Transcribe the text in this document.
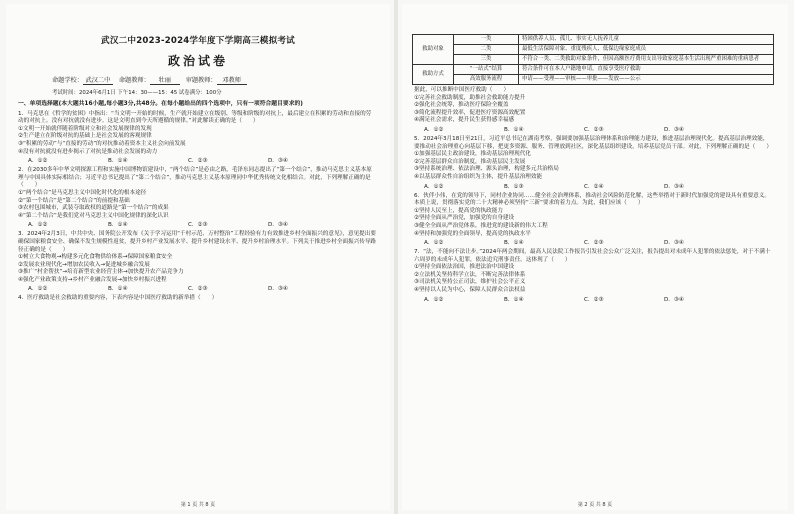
武汉二中2023-2024学年度下学期高三模拟考试
政治试卷
命题学校： 武汉二中 命题教师： 牡丽 审题教师： 邓教师
考试时间：2024年6月1日 下午14：30——15：45 试卷满分：100分
一、单项选择题(本大题共16小题,每小题3分,共48分。在每小题给出的四个选项中，只有一项符合题目要求的)
1．马克思在《哲学的贫困》中指出：“当文明一开始的时候，生产就开始建立在级别、等级和阶级的对抗上，最后建立在积累的劳动和直接的劳动的对抗上。没有对抗就没有进步。这是文明直到今天所遵循的规律。”对此解读正确的是（　　）
①文明一开始就伴随着阶级对立和社会发展规律的发现
②生产建立在阶级对抗的基础上是社会发展的客观规律
③“积累的劳动”与“直接的劳动”的对抗推动着资本主义社会向前发展
④没有对抗就没有进步揭示了对抗是推动社会发展的动力
A．①②	B．①④	C．②③	D．③④
2．在2030多年中华文明探源工程和实施中国博物馆建设中，“两个结合”是必由之路，毛泽东同志提出了“第一个结合”，推动马克思主义基本原理与中国具体实际相结合；习近平总书记提出了“第二个结合”，推动马克思主义基本原理同中华优秀传统文化相结合。对此，下列理解正确的是（　　）
①“两个结合”是马克思主义中国化时代化的根本途径
②“第一个结合”是“第二个结合”的前提和基础
③农村包围城市，武装夺取政权的道路是“第一个结合”的成果
④“第二个结合”是我们党对马克思主义中国化规律的深化认识
A．①②	B．①④	C．②③	D．③④
3．2024年2月3日，中共中央、国务院公开发布《关于学习运用“千村示范、万村整治”工程经验有力有效推进乡村全面振兴的意见》，意见提出要确保国家粮食安全、确保不发生规模性返贫，提升乡村产业发展水平、提升乡村建设水平、提升乡村治理水平。下列关于推进乡村全面振兴传导路径正确的是（　　）
①树立大食物观→构建多元化食物供给体系→保障国家粮食安全
②发展农业现代化→增加农民收入→促进城乡融合发展
③推广“村企帮扶”→培育新型农业经营主体→加快提升农产品竞争力
④强化产业政策支持→乡村产业融合发展→加快乡村振兴进程
A．①②	B．①④	C．②③	D．③④
4．医疗救助是社会救助的重要内容，下表内容是中国医疗救助的新举措（　　）
第 1 页 共 8 页
救助对象	一类	特困供养人员、孤儿、事实无人抚养儿童
	二类	最低生活保障对象、重度残疾人、低保边缘家庭成员
	三类	不符合一类、二类救助对象条件，但因高额医疗费用支出导致家庭基本生活出现严重困难的重病患者
救助方式	“一站式”结算	符合条件可在本人户籍地申请，直接享受医疗救助
	高效服务流程	申请——受理——审核——审批——发放——公示
据此，可以推断中国医疗救助（　　）
①完善社会救助制度，助推社会救助能力提升
②强化社会统筹，推动医疗保险全覆盖
③简化流程提升效率，促进医疗资源高效配置
④满足社会需求，提升民生获得感幸福感
A．①②	B．①④	C．②③	D．③④
5．2024年3月18日至21日，习近平总书记在湖南考察，强调要加强基层治理体系和治理能力建设，推进基层治理现代化。提高基层治理效能，要推动社会治理重心向基层下移，把更多资源、服务、管理放到社区，深化基层组织建设，培养基层党员干部。对此，下列理解正确的是（　　）
①加强基层民主政治建设，推动基层治理现代化
②完善基层群众自治制度，推动基层民主发展
③坚持系统治理、依法治理、源头治理，构建多元共治格局
④以基层群众性自治组织为主体，提升基层治理效能
A．①②	B．①③	C．②④	D．③④
6．伙伴小伟，在党的领导下，同村企业协同……健全社会治理体系，推动社会风险防范化解，这些举措对于新时代加强党的建设具有重要意义。本质上说，贯彻落实党的二十大精神必须坚持“三新”要求的着力点。为此，我们应该（　　）
①坚持人民至上，提高党的执政能力
②坚持全面从严治党，加强党的自身建设
③健全全面从严治党体系，推进党的建设新的伟大工程
④坚持和加强党的全面领导，提高党的执政水平
A．①②	B．①④	C．②③	D．③④
7．“法，不能向不法让步。”2024年两会期间，最高人民法院工作报告引发社会公众广泛关注，报告提出对未成年人犯罪的依法惩处，对于不满十六周岁的未成年人犯罪，依法追究刑事责任。这体现了（　　）
①坚持全面依法治国，推进法治中国建设
②立法机关坚持科学立法，不断完善法律体系
③司法机关坚持公正司法，维护社会公平正义
④坚持以人民为中心，保障人民群众合法权益
A．①②	B．①④	C．②③	D．③④
第 2 页 共 8 页
